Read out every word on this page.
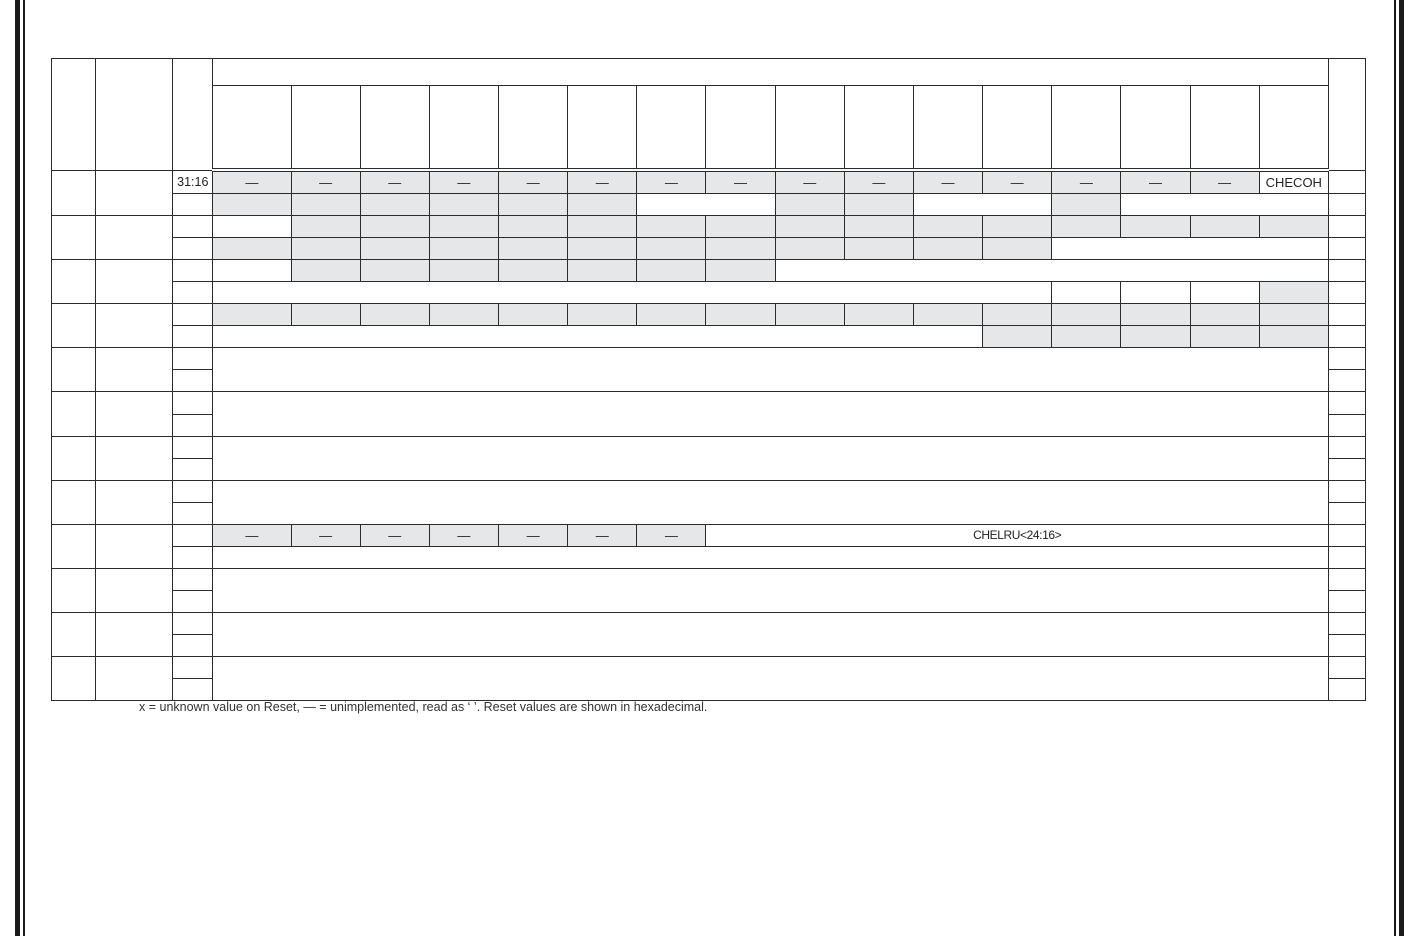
		31:16	—	—	—	—	—	—	—	—	—	—	—	—	—	—	—	CHECOH	

			—	—	—	—	—	—	—	CHELRU<24:16>									

x = unknown value on Reset, — = unimplemented, read as ‘ ’. Reset values are shown in hexadecimal.
